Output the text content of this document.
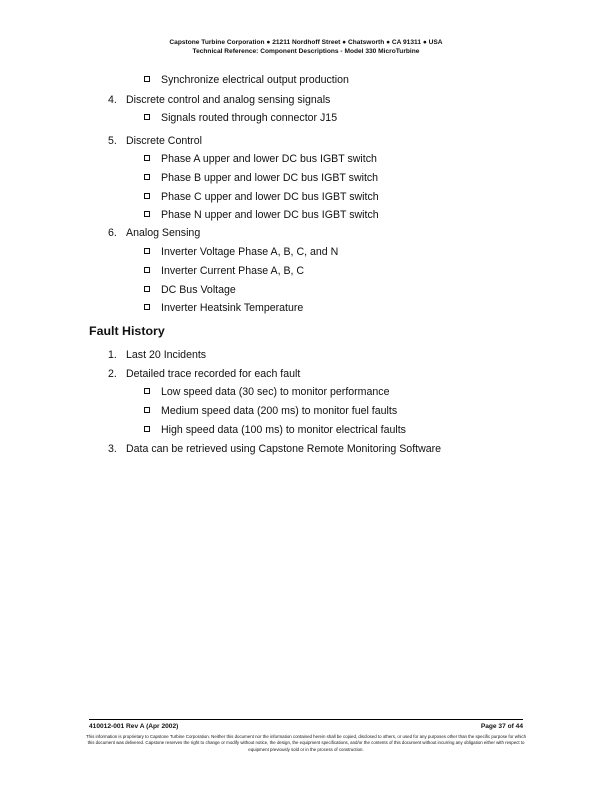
Capstone Turbine Corporation ● 21211 Nordhoff Street ● Chatsworth ● CA 91311 ● USA
Technical Reference: Component Descriptions - Model 330 MicroTurbine
Synchronize electrical output production
4. Discrete control and analog sensing signals
Signals routed through connector J15
5. Discrete Control
Phase A upper and lower DC bus IGBT switch
Phase B upper and lower DC bus IGBT switch
Phase C upper and lower DC bus IGBT switch
Phase N upper and lower DC bus IGBT switch
6. Analog Sensing
Inverter Voltage Phase A, B, C, and N
Inverter Current Phase A, B, C
DC Bus Voltage
Inverter Heatsink Temperature
Fault History
1. Last 20 Incidents
2. Detailed trace recorded for each fault
Low speed data (30 sec) to monitor performance
Medium speed data (200 ms) to monitor fuel faults
High speed data (100 ms) to monitor electrical faults
3. Data can be retrieved using Capstone Remote Monitoring Software
410012-001 Rev A (Apr 2002)	Page 37 of 44
This information is proprietary to Capstone Turbine Corporation. Neither this document nor the information contained herein shall be copied, disclosed to others, or used for any purposes other than the specific purpose for which this document was delivered. Capstone reserves the right to change or modify without notice, the design, the equipment specifications, and/or the contents of this document without incurring any obligation either with respect to equipment previously sold or in the process of construction.
